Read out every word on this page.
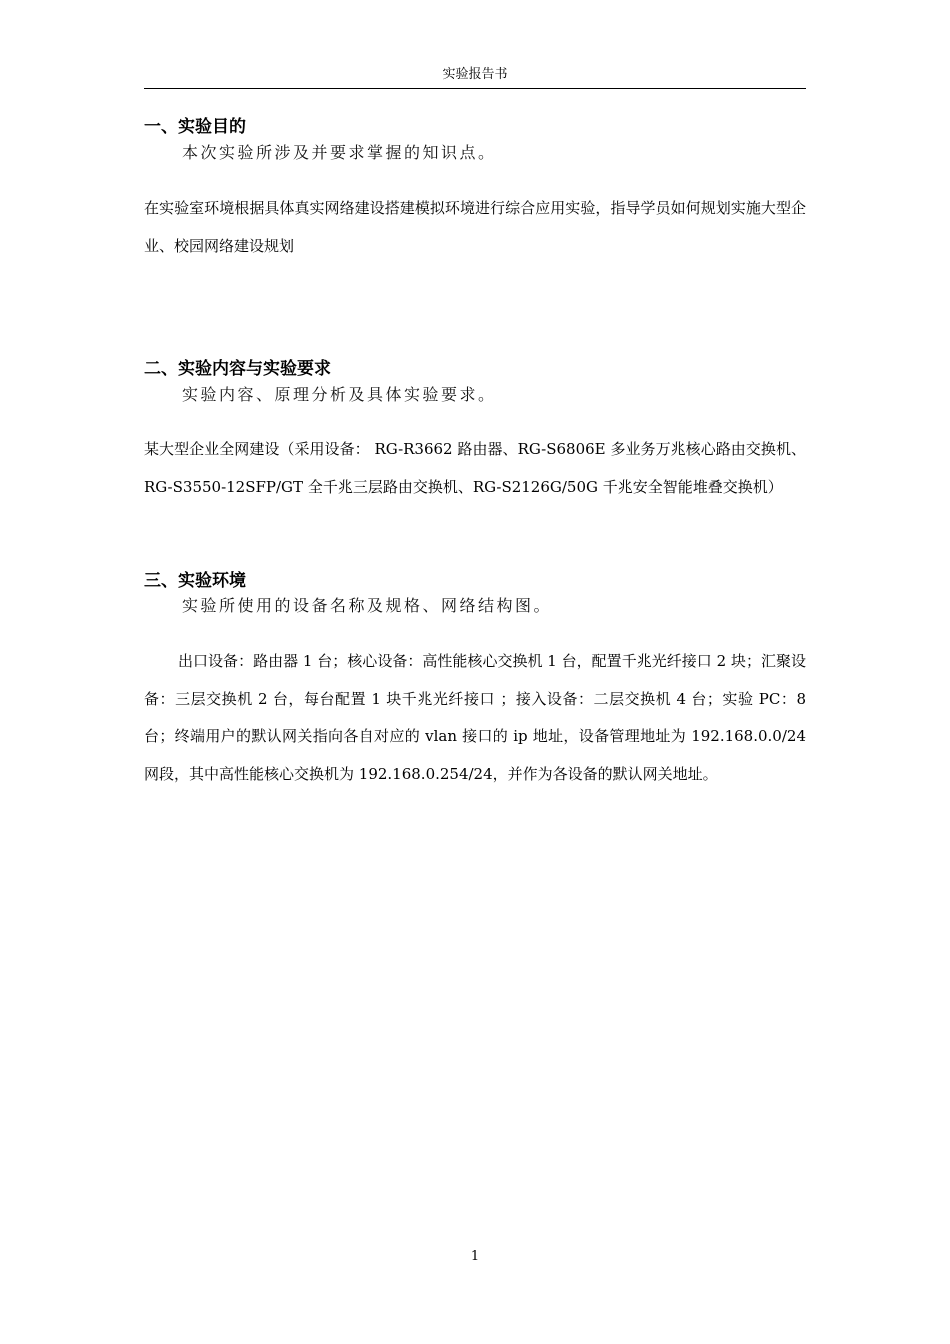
实验报告书
一、实验目的
本次实验所涉及并要求掌握的知识点。
在实验室环境根据具体真实网络建设搭建模拟环境进行综合应用实验，指导学员如何规划实施大型企业、校园网络建设规划
二、实验内容与实验要求
实验内容、原理分析及具体实验要求。
某大型企业全网建设（采用设备： RG-R3662 路由器、RG-S6806E 多业务万兆核心路由交换机、RG-S3550-12SFP/GT 全千兆三层路由交换机、RG-S2126G/50G 千兆安全智能堆叠交换机）
三、实验环境
实验所使用的设备名称及规格、网络结构图。
出口设备：路由器 1 台；核心设备：高性能核心交换机 1 台，配置千兆光纤接口 2 块；汇聚设备：三层交换机 2 台，每台配置 1 块千兆光纤接口 ；接入设备：二层交换机 4 台；实验 PC：8 台；终端用户的默认网关指向各自对应的 vlan 接口的 ip 地址，设备管理地址为 192.168.0.0/24 网段，其中高性能核心交换机为 192.168.0.254/24，并作为各设备的默认网关地址。
1
